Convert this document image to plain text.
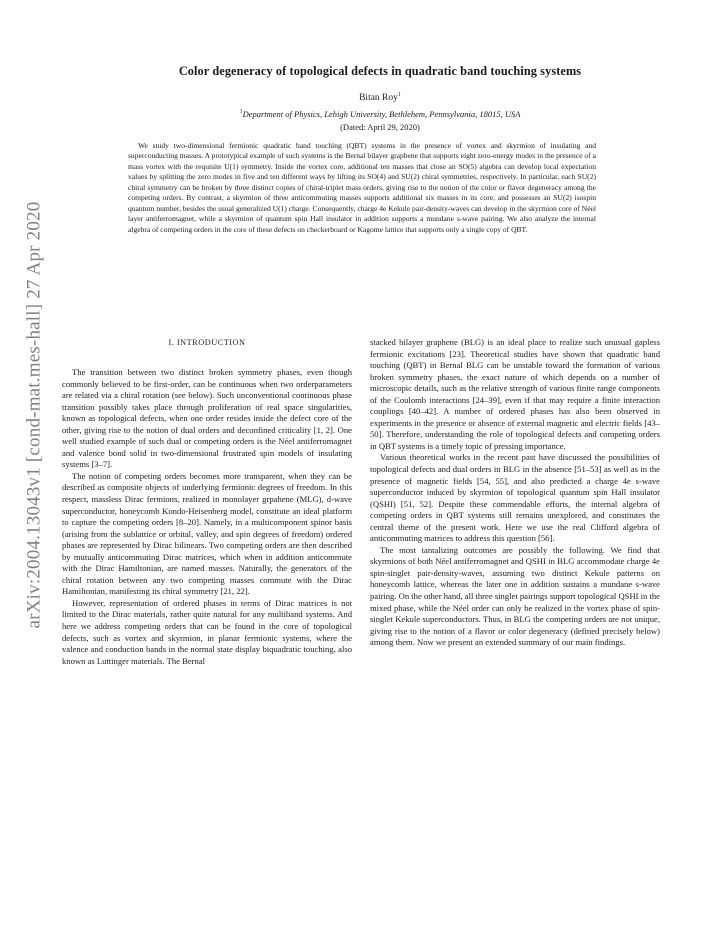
arXiv:2004.13043v1 [cond-mat.mes-hall] 27 Apr 2020
Color degeneracy of topological defects in quadratic band touching systems
Bitan Roy$^1$
$^1$Department of Physics, Lehigh University, Bethlehem, Pennsylvania, 18015, USA
(Dated: April 29, 2020)

We study two-dimensional fermionic quadratic band touching (QBT) systems in the presence of vortex and skyrmion of insulating and superconducting masses. A prototypical example of such systems is the Bernal bilayer graphene that supports eight zero-energy modes in the presence of a mass vortex with the requisite U(1) symmetry. Inside the vortex core, additional ten masses that close an SO(5) algebra can develop local expectation values by splitting the zero modes in five and ten different ways by lifting its SO(4) and SU(2) chiral symmetries, respectively. In particular, each SU(2) chiral symmetry can be broken by three distinct copies of chiral-triplet mass orders, giving rise to the notion of the color or flavor degeneracy among the competing orders. By contrast, a skyrmion of three anticommuting masses supports additional six masses in its core, and possesses an SU(2) isospin quantum number, besides the usual generalized U(1) charge. Consequently, charge 4e Kekule pair-density-waves can develop in the skyrmion core of Néel layer antiferromagnet, while a skyrmion of quantum spin Hall insulator in addition supports a mundane s-wave pairing. We also analyze the internal algebra of competing orders in the core of these defects on checkerboard or Kagome lattice that supports only a single copy of QBT.

I. INTRODUCTION

The transition between two distinct broken symmetry phases, even though commonly believed to be first-order, can be continuous when two orderparameters are related via a chiral rotation (see below). Such unconventional continuous phase transition possibly takes place through proliferation of real space singularities, known as topological defects, when one order resides inside the defect core of the other, giving rise to the notion of dual orders and deconfined criticality [1, 2]. One well studied example of such dual or competing orders is the Néel antiferromagnet and valence bond solid in two-dimensional frustrated spin models of insulating systems [3–7].

The notion of competing orders becomes more transparent, when they can be described as composite objects of underlying fermionic degrees of freedom. In this respect, massless Dirac fermions, realized in monolayer grpahene (MLG), d-wave superconductor, honeycomb Kondo-Heisenberg model, constitute an ideal platform to capture the competing orders [8–20]. Namely, in a multicomponent spinor basis (arising from the sublattice or orbital, valley, and spin degrees of freedom) ordered phases are represented by Dirac bilinears. Two competing orders are then described by mutually anticommuting Dirac matrices, which when in addition anticommute with the Dirac Hamiltonian, are named masses. Naturally, the generators of the chiral rotation between any two competing masses commute with the Dirac Hamiltonian, manifesting its chiral symmetry [21, 22].

However, representation of ordered phases in terms of Dirac matrices is not limited to the Dirac materials, rather quite natural for any multiband systems. And here we address competing orders that can be found in the core of topological defects, such as vortex and skyrmion, in planar fermionic systems, where the valence and conduction bands in the normal state display biquadratic touching, also known as Luttinger materials. The Bernal

stacked bilayer graphene (BLG) is an ideal place to realize such unusual gapless fermionic excitations [23]. Theoretical studies have shown that quadratic band touching (QBT) in Bernal BLG can be unstable toward the formation of various broken symmetry phases, the exact nature of which depends on a number of microscopic details, such as the relative strength of various finite range components of the Coulomb interactions [24–39], even if that may require a finite interaction couplings [40–42]. A number of ordered phases has also been observed in experiments in the presence or absence of external magnetic and electric fields [43–50]. Therefore, understanding the role of topological defects and competing orders in QBT systems is a timely topic of pressing importance.

Various theoretical works in the recent past have discussed the possibilities of topological defects and dual orders in BLG in the absence [51–53] as well as in the presence of magnetic fields [54, 55], and also predicted a charge 4e s-wave superconductor induced by skyrmion of topological quantum spin Hall insulator (QSHI) [51, 52]. Despite these commendable efforts, the internal algebra of competing orders in QBT systems still remains unexplored, and constitutes the central theme of the present work. Here we use the real Clifford algebra of anticommuting matrices to address this question [56].

The most tantalizing outcomes are possibly the following. We find that skyrmions of both Néel antiferromagnet and QSHI in BLG accommodate charge 4e spin-singlet pair-density-waves, assuming two distinct Kekule patterns on honeycomb lattice, whereas the later one in addition sustains a mundane s-wave pairing. On the other hand, all three singlet pairings support topological QSHI in the mixed phase, while the Néel order can only be realized in the vortex phase of spin-singlet Kekule superconductors. Thus, in BLG the competing orders are not unique, giving rise to the notion of a flavor or color degeneracy (defined precisely below) among them. Now we present an extended summary of our main findings.
